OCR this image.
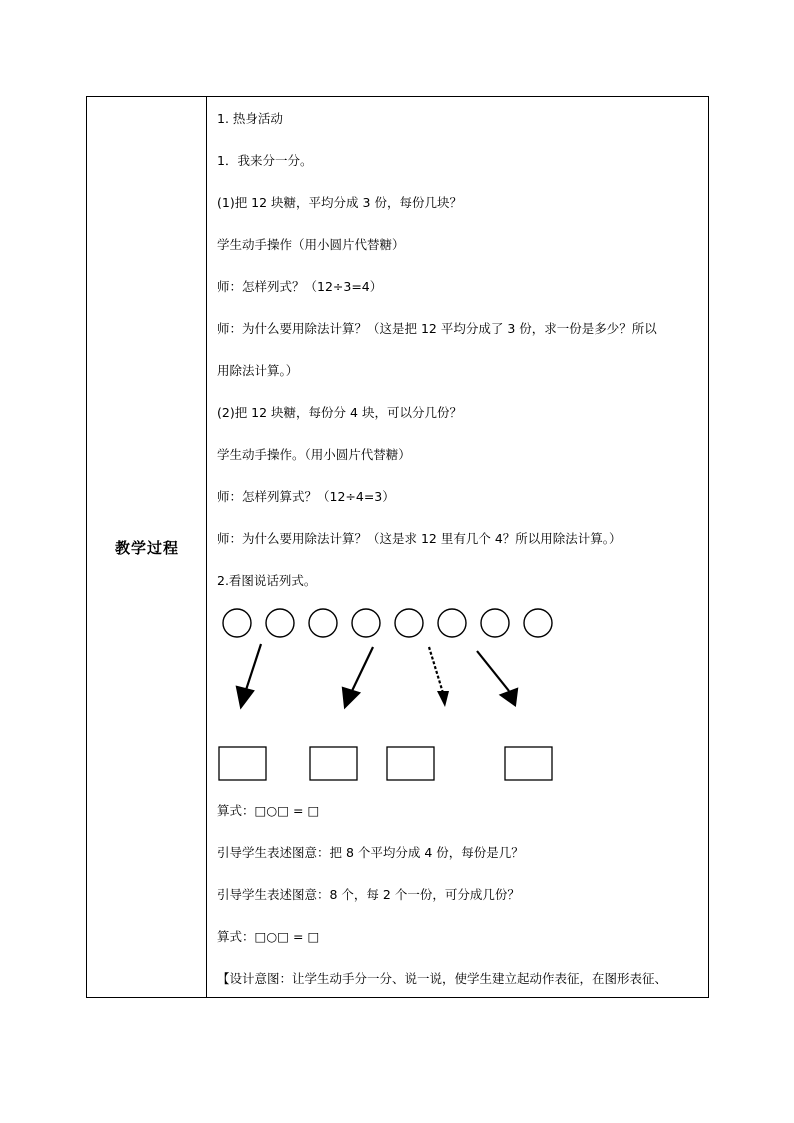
教学过程
1. 热身活动
1．我来分一分。
(1)把 12 块糖，平均分成 3 份，每份几块？
学生动手操作（用小圆片代替糖）
师：怎样列式？（12÷3=4）
师：为什么要用除法计算？（这是把 12 平均分成了 3 份，求一份是多少？所以
用除法计算。）
(2)把 12 块糖，每份分 4 块，可以分几份？
学生动手操作。（用小圆片代替糖）
师：怎样列算式？（12÷4=3）
师：为什么要用除法计算？（这是求 12 里有几个 4？所以用除法计算。）
2.看图说话列式。
算式：□○□ = □
引导学生表述图意：把 8 个平均分成 4 份，每份是几？
引导学生表述图意：8 个，每 2 个一份，可分成几份？
算式：□○□ = □
【设计意图：让学生动手分一分、说一说，使学生建立起动作表征，在图形表征、
